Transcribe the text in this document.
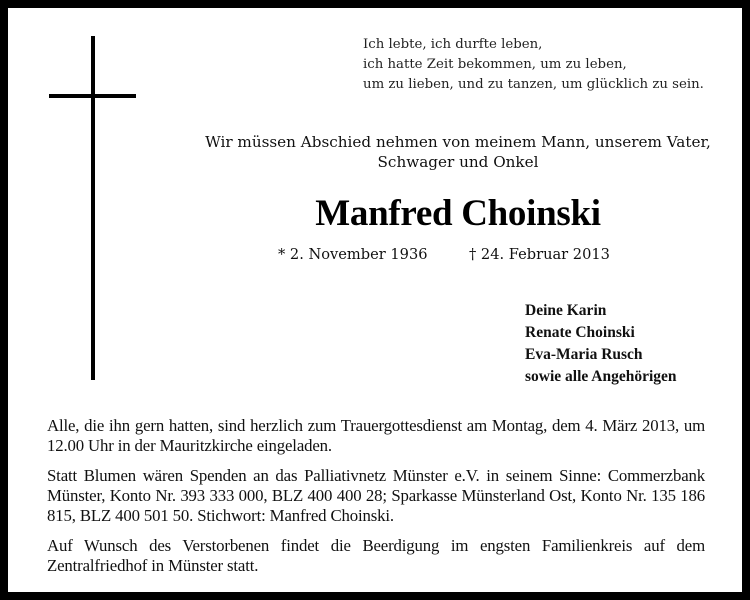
Ich lebte, ich durfte leben,
ich hatte Zeit bekommen, um zu leben,
um zu lieben, und zu tanzen, um glücklich zu sein.
Wir müssen Abschied nehmen von meinem Mann, unserem Vater,
Schwager und Onkel
Manfred Choinski
* 2. November 1936	† 24. Februar 2013
Deine Karin
Renate Choinski
Eva-Maria Rusch
sowie alle Angehörigen

Alle, die ihn gern hatten, sind herzlich zum Trauergottesdienst am Montag, dem 4. März 2013, um 12.00 Uhr in der Mauritzkirche eingeladen.

Statt Blumen wären Spenden an das Palliativnetz Münster e.V. in seinem Sinne: Commerzbank Münster, Konto Nr. 393 333 000, BLZ 400 400 28; Sparkasse Münsterland Ost, Konto Nr. 135 186 815, BLZ 400 501 50. Stichwort: Manfred Choinski.

Auf Wunsch des Verstorbenen findet die Beerdigung im engsten Familienkreis auf dem Zentralfriedhof in Münster statt.
